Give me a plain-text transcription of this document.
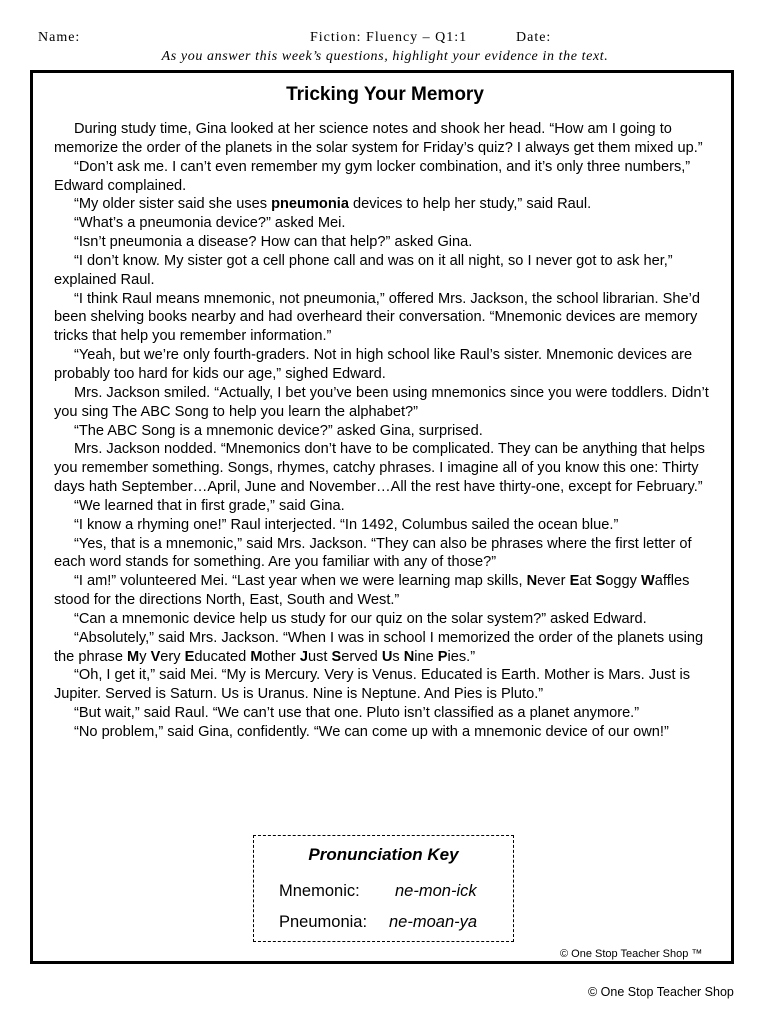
Name:	Fiction: Fluency – Q1:1	Date:
As you answer this week’s questions, highlight your evidence in the text.
Tricking Your Memory

During study time, Gina looked at her science notes and shook her head. “How am I going to memorize the order of the planets in the solar system for Friday’s quiz? I always get them mixed up.”

“Don’t ask me. I can’t even remember my gym locker combination, and it’s only three numbers,” Edward complained.

“My older sister said she uses pneumonia devices to help her study,” said Raul.

“What’s a pneumonia device?” asked Mei.

“Isn’t pneumonia a disease? How can that help?” asked Gina.

“I don’t know. My sister got a cell phone call and was on it all night, so I never got to ask her,” explained Raul.

“I think Raul means mnemonic, not pneumonia,” offered Mrs. Jackson, the school librarian. She’d been shelving books nearby and had overheard their conversation. “Mnemonic devices are memory tricks that help you remember information.”

“Yeah, but we’re only fourth-graders. Not in high school like Raul’s sister. Mnemonic devices are probably too hard for kids our age,” sighed Edward.

Mrs. Jackson smiled. “Actually, I bet you’ve been using mnemonics since you were toddlers. Didn’t you sing The ABC Song to help you learn the alphabet?”

“The ABC Song is a mnemonic device?” asked Gina, surprised.

Mrs. Jackson nodded. “Mnemonics don’t have to be complicated. They can be anything that helps you remember something. Songs, rhymes, catchy phrases. I imagine all of you know this one: Thirty days hath September…April, June and November…All the rest have thirty-one, except for February.”

“We learned that in first grade,” said Gina.

“I know a rhyming one!” Raul interjected. “In 1492, Columbus sailed the ocean blue.”

“Yes, that is a mnemonic,” said Mrs. Jackson. “They can also be phrases where the first letter of each word stands for something. Are you familiar with any of those?”

“I am!” volunteered Mei. “Last year when we were learning map skills, Never Eat Soggy Waffles stood for the directions North, East, South and West.”

“Can a mnemonic device help us study for our quiz on the solar system?” asked Edward.

“Absolutely,” said Mrs. Jackson. “When I was in school I memorized the order of the planets using the phrase My Very Educated Mother Just Served Us Nine Pies.”

“Oh, I get it,” said Mei. “My is Mercury. Very is Venus. Educated is Earth. Mother is Mars. Just is Jupiter. Served is Saturn. Us is Uranus. Nine is Neptune. And Pies is Pluto.”

“But wait,” said Raul. “We can’t use that one. Pluto isn’t classified as a planet anymore.”

“No problem,” said Gina, confidently. “We can come up with a mnemonic device of our own!”

Pronunciation Key
Mnemonic: ne-mon-ick
Pneumonia: ne-moan-ya
© One Stop Teacher Shop ™
© One Stop Teacher Shop
